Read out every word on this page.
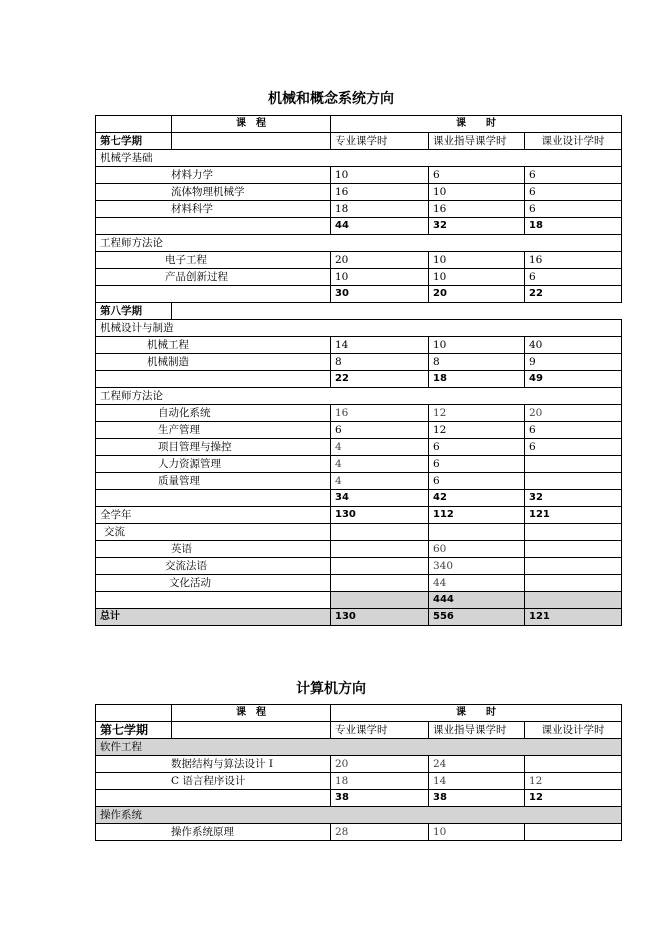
机械和概念系统方向
	课　程	课　　时		
第七学期		专业课学时	课业指导课学时	课业设计学时
机械学基础				
材料力学		10	6	6
流体物理机械学		16	10	6
材料科学		18	16	6
		44	32	18
工程师方法论				
电子工程		20	10	16
产品创新过程		10	10	6
		30	20	22
第八学期				
机械设计与制造				
机械工程		14	10	40
机械制造		8	8	9
		22	18	49
工程师方法论				
自动化系统		16	12	20
生产管理		6	12	6
项目管理与操控		4	6	6
人力资源管理		4	6	
质量管理		4	6	
		34	42	32
全学年		130	112	121
交流				
英语			60	
交流法语			340	
文化活动			44	
			444	
总计		130	556	121
计算机方向
	课　程	课　　时		
第七学期		专业课学时	课业指导课学时	课业设计学时
软件工程				
数据结构与算法设计 I		20	24	
C 语言程序设计		18	14	12
		38	38	12
操作系统				
操作系统原理		28	10	
